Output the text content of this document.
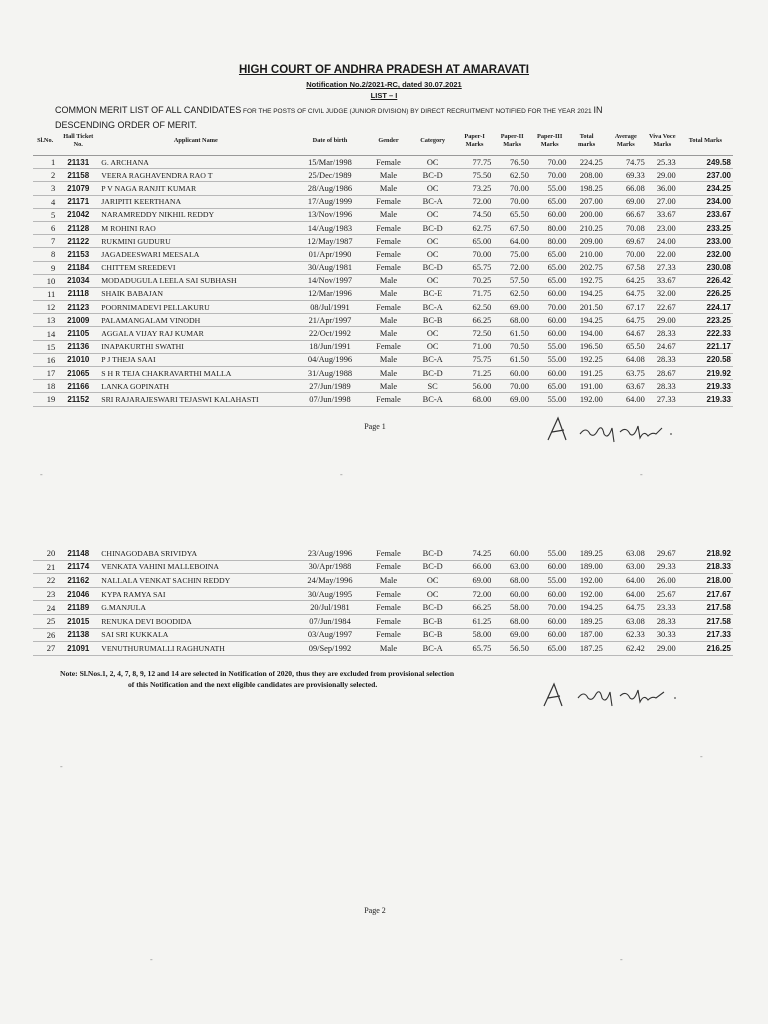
HIGH COURT OF ANDHRA PRADESH AT AMARAVATI
Notification No.2/2021-RC, dated 30.07.2021
LIST – I
COMMON MERIT LIST OF ALL CANDIDATES FOR THE POSTS OF CIVIL JUDGE (JUNIOR DIVISION) BY DIRECT RECRUITMENT NOTIFIED FOR THE YEAR 2021 IN
DESCENDING ORDER OF MERIT.
Sl.No.	Hall Ticket No.	Applicant Name	Date of birth	Gender	Category	Paper-I Marks	Paper-II Marks	Paper-III Marks	Total marks	Average Marks	Viva Voce Marks	Total Marks
1	21131	G. ARCHANA	15/Mar/1998	Female	OC	77.75	76.50	70.00	224.25	74.75	25.33	249.58
2	21158	VEERA RAGHAVENDRA RAO T	25/Dec/1989	Male	BC-D	75.50	62.50	70.00	208.00	69.33	29.00	237.00
3	21079	P V NAGA RANJIT KUMAR	28/Aug/1986	Male	OC	73.25	70.00	55.00	198.25	66.08	36.00	234.25
4	21171	JARIPITI KEERTHANA	17/Aug/1999	Female	BC-A	72.00	70.00	65.00	207.00	69.00	27.00	234.00
5	21042	NARAMREDDY NIKHIL REDDY	13/Nov/1996	Male	OC	74.50	65.50	60.00	200.00	66.67	33.67	233.67
6	21128	M ROHINI RAO	14/Aug/1983	Female	BC-D	62.75	67.50	80.00	210.25	70.08	23.00	233.25
7	21122	RUKMINI GUDURU	12/May/1987	Female	OC	65.00	64.00	80.00	209.00	69.67	24.00	233.00
8	21153	JAGADEESWARI MEESALA	01/Apr/1990	Female	OC	70.00	75.00	65.00	210.00	70.00	22.00	232.00
9	21184	CHITTEM SREEDEVI	30/Aug/1981	Female	BC-D	65.75	72.00	65.00	202.75	67.58	27.33	230.08
10	21034	MODADUGULA LEELA SAI SUBHASH	14/Nov/1997	Male	OC	70.25	57.50	65.00	192.75	64.25	33.67	226.42
11	21118	SHAIK BABAJAN	12/Mar/1996	Male	BC-E	71.75	62.50	60.00	194.25	64.75	32.00	226.25
12	21123	POORNIMADEVI PELLAKURU	08/Jul/1991	Female	BC-A	62.50	69.00	70.00	201.50	67.17	22.67	224.17
13	21009	PALAMANGALAM VINODH	21/Apr/1997	Male	BC-B	66.25	68.00	60.00	194.25	64.75	29.00	223.25
14	21105	AGGALA VIJAY RAJ KUMAR	22/Oct/1992	Male	OC	72.50	61.50	60.00	194.00	64.67	28.33	222.33
15	21136	INAPAKURTHI SWATHI	18/Jun/1991	Female	OC	71.00	70.50	55.00	196.50	65.50	24.67	221.17
16	21010	P J THEJA SAAI	04/Aug/1996	Male	BC-A	75.75	61.50	55.00	192.25	64.08	28.33	220.58
17	21065	S H R TEJA CHAKRAVARTHI MALLA	31/Aug/1988	Male	BC-D	71.25	60.00	60.00	191.25	63.75	28.67	219.92
18	21166	LANKA GOPINATH	27/Jun/1989	Male	SC	56.00	70.00	65.00	191.00	63.67	28.33	219.33
19	21152	SRI RAJARAJESWARI TEJASWI KALAHASTI	07/Jun/1998	Female	BC-A	68.00	69.00	55.00	192.00	64.00	27.33	219.33
Page 1
-	-	-
20	21148	CHINAGODABA SRIVIDYA	23/Aug/1996	Female	BC-D	74.25	60.00	55.00	189.25	63.08	29.67	218.92
21	21174	VENKATA VAHINI MALLEBOINA	30/Apr/1988	Female	BC-D	66.00	63.00	60.00	189.00	63.00	29.33	218.33
22	21162	NALLALA VENKAT SACHIN REDDY	24/May/1996	Male	OC	69.00	68.00	55.00	192.00	64.00	26.00	218.00
23	21046	KYPA RAMYA SAI	30/Aug/1995	Female	OC	72.00	60.00	60.00	192.00	64.00	25.67	217.67
24	21189	G.MANJULA	20/Jul/1981	Female	BC-D	66.25	58.00	70.00	194.25	64.75	23.33	217.58
25	21015	RENUKA DEVI BOODIDA	07/Jun/1984	Female	BC-B	61.25	68.00	60.00	189.25	63.08	28.33	217.58
26	21138	SAI SRI KUKKALA	03/Aug/1997	Female	BC-B	58.00	69.00	60.00	187.00	62.33	30.33	217.33
27	21091	VENUTHURUMALLI RAGHUNATH	09/Sep/1992	Male	BC-A	65.75	56.50	65.00	187.25	62.42	29.00	216.25
Note: Sl.Nos.1, 2, 4, 7, 8, 9, 12 and 14 are selected in Notification of 2020, thus they are excluded from provisional selection
of this Notification and the next eligible candidates are provisionally selected.
-
-
Page 2
-	-
